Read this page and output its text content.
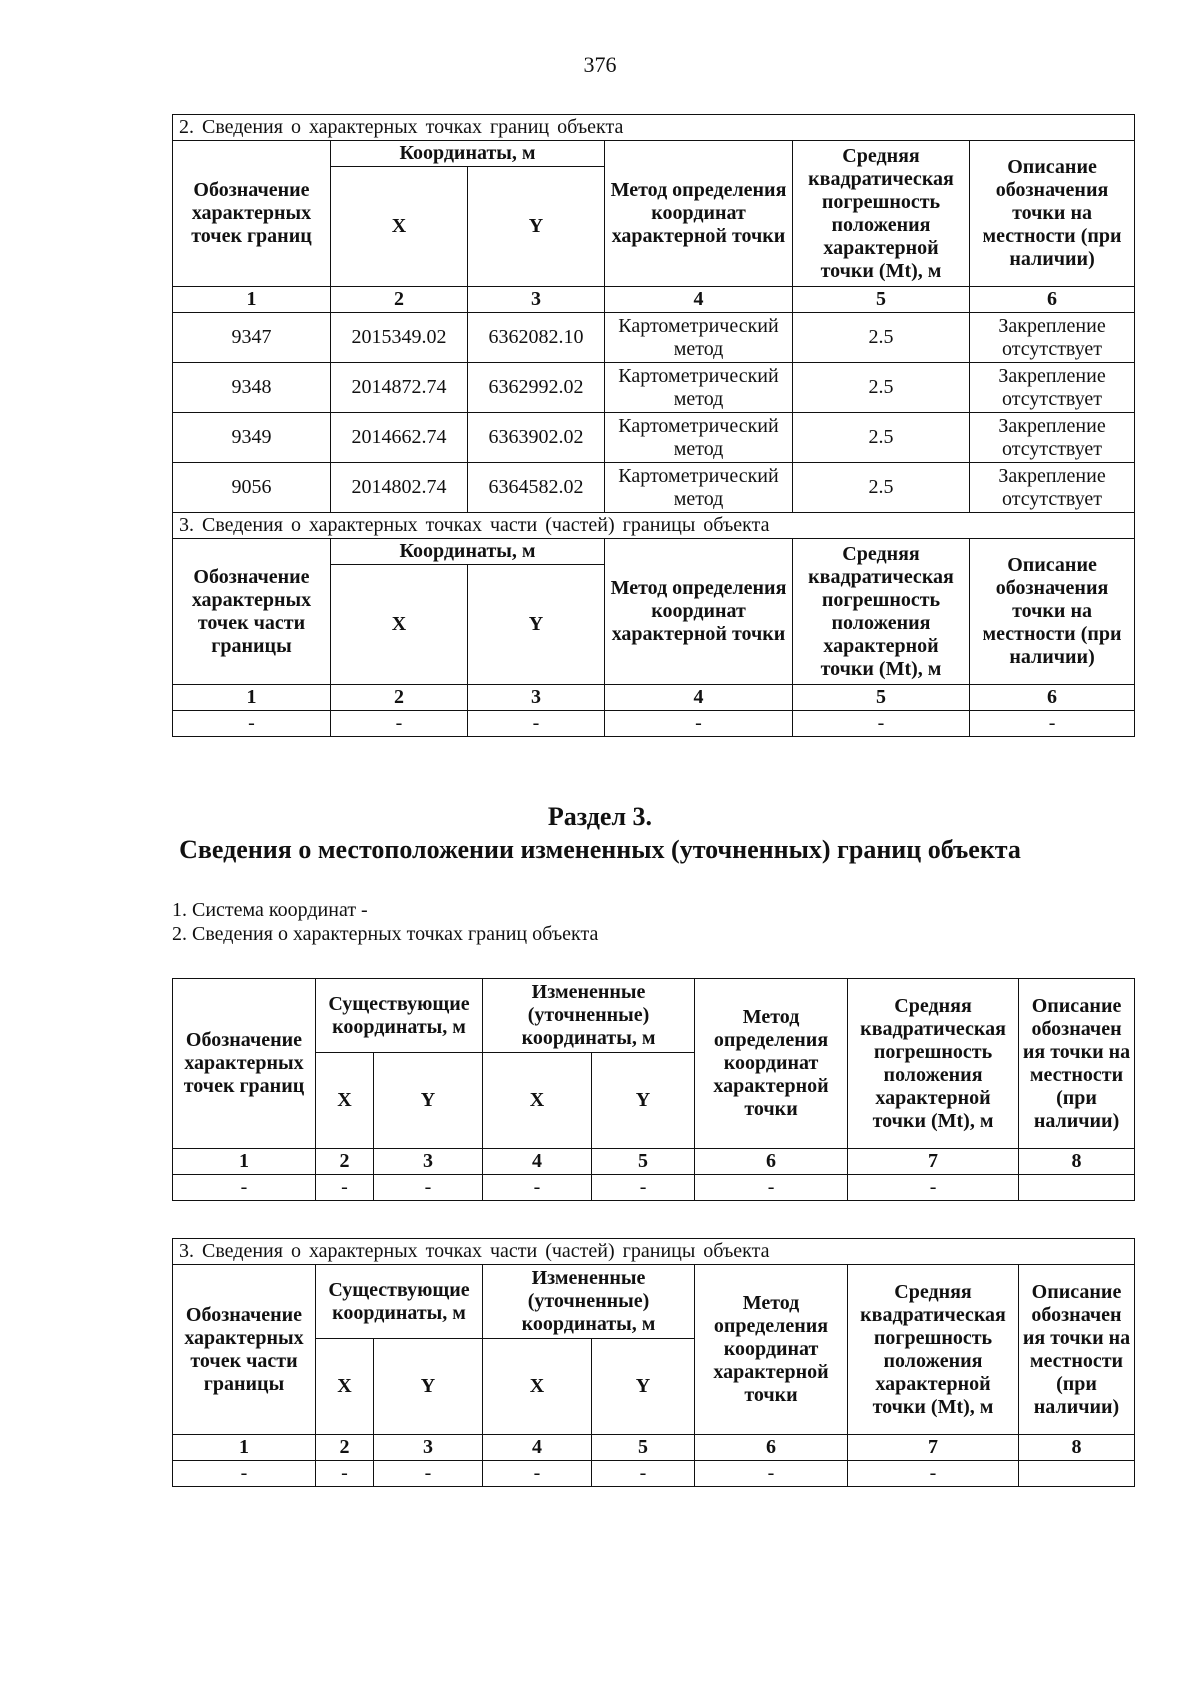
376
2. Сведения о характерных точках границ объекта					
Обозначение характерных точек границ	Координаты, м		Метод определения координат характерной точки	Средняя квадратическая погрешность положения характерной точки (Mt), м	Описание обозначения точки на местности (при наличии)
	X	Y			
1	2	3	4	5	6
9347	2015349.02	6362082.10	Картометрический метод	2.5	Закрепление отсутствует
9348	2014872.74	6362992.02	Картометрический метод	2.5	Закрепление отсутствует
9349	2014662.74	6363902.02	Картометрический метод	2.5	Закрепление отсутствует
9056	2014802.74	6364582.02	Картометрический метод	2.5	Закрепление отсутствует
3. Сведения о характерных точках части (частей) границы объекта					
Обозначение характерных точек части границы	Координаты, м		Метод определения координат характерной точки	Средняя квадратическая погрешность положения характерной точки (Mt), м	Описание обозначения точки на местности (при наличии)
	X	Y			
1	2	3	4	5	6
-	-	-	-	-	-
Раздел 3.
Сведения о местоположении измененных (уточненных) границ объекта
1. Система координат -
2. Сведения о характерных точках границ объекта
Обозначение характерных точек границ	Существующие координаты, м		Измененные (уточненные) координаты, м		Метод определения координат характерной точки	Средняя квадратическая погрешность положения характерной точки (Mt), м	Описание обозначен ия точки на местности (при наличии)
	X	Y	X	Y			
1	2	3	4	5	6	7	8
-	-	-	-	-	-	-	
3. Сведения о характерных точках части (частей) границы объекта							
Обозначение характерных точек части границы	Существующие координаты, м		Измененные (уточненные) координаты, м		Метод определения координат характерной точки	Средняя квадратическая погрешность положения характерной точки (Mt), м	Описание обозначен ия точки на местности (при наличии)
	X	Y	X	Y			
1	2	3	4	5	6	7	8
-	-	-	-	-	-	-	
